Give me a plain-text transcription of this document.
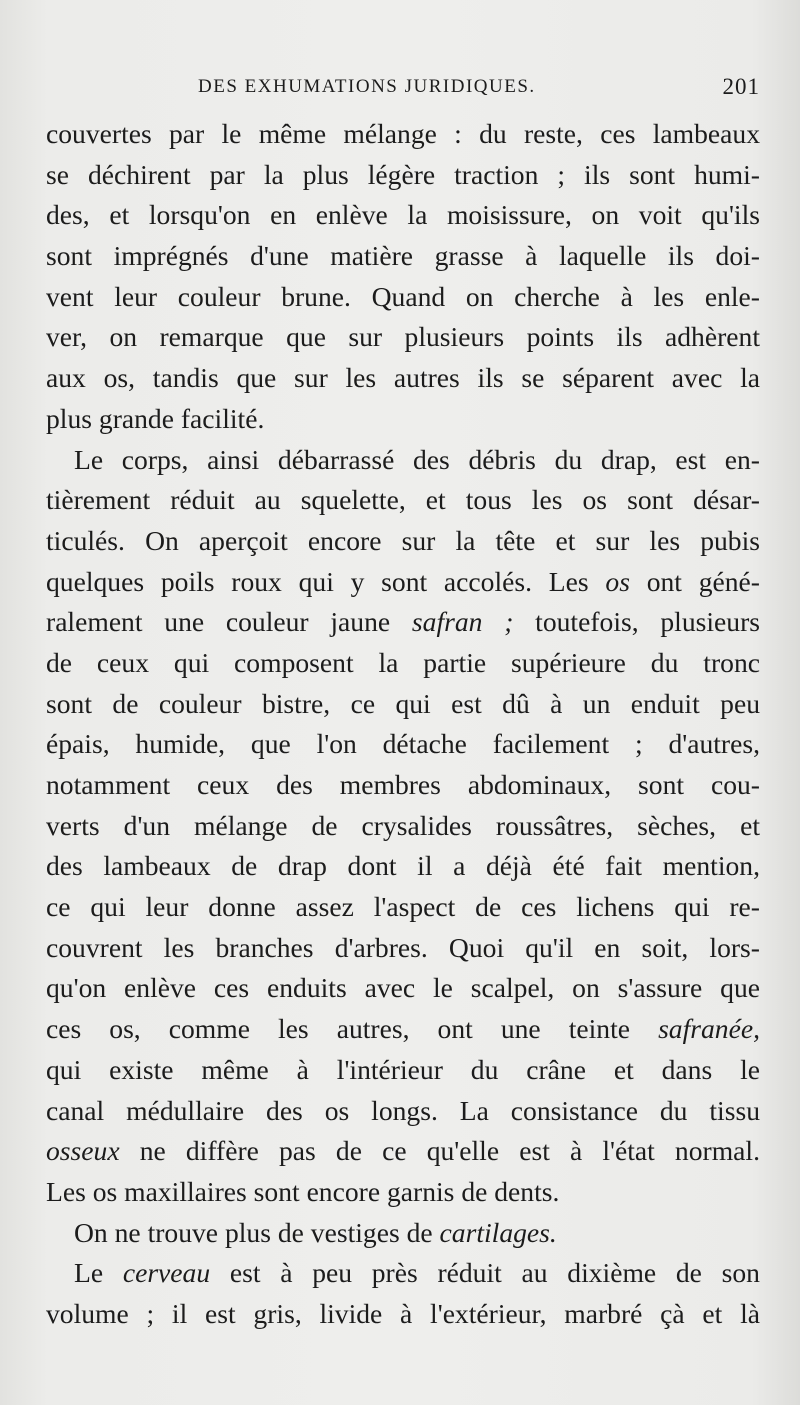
DES EXHUMATIONS JURIDIQUES.	201
couvertes par le même mélange : du reste, ces lambeaux
se déchirent par la plus légère traction ; ils sont humi-
des, et lorsqu'on en enlève la moisissure, on voit qu'ils
sont imprégnés d'une matière grasse à laquelle ils doi-
vent leur couleur brune. Quand on cherche à les enle-
ver, on remarque que sur plusieurs points ils adhèrent
aux os, tandis que sur les autres ils se séparent avec la
plus grande facilité.
Le corps, ainsi débarrassé des débris du drap, est en-
tièrement réduit au squelette, et tous les os sont désar-
ticulés. On aperçoit encore sur la tête et sur les pubis
quelques poils roux qui y sont accolés. Les os ont géné-
ralement une couleur jaune safran ; toutefois, plusieurs
de ceux qui composent la partie supérieure du tronc
sont de couleur bistre, ce qui est dû à un enduit peu
épais, humide, que l'on détache facilement ; d'autres,
notamment ceux des membres abdominaux, sont cou-
verts d'un mélange de crysalides roussâtres, sèches, et
des lambeaux de drap dont il a déjà été fait mention,
ce qui leur donne assez l'aspect de ces lichens qui re-
couvrent les branches d'arbres. Quoi qu'il en soit, lors-
qu'on enlève ces enduits avec le scalpel, on s'assure que
ces os, comme les autres, ont une teinte safranée,
qui existe même à l'intérieur du crâne et dans le
canal médullaire des os longs. La consistance du tissu
osseux ne diffère pas de ce qu'elle est à l'état normal.
Les os maxillaires sont encore garnis de dents.
On ne trouve plus de vestiges de cartilages.
Le cerveau est à peu près réduit au dixième de son
volume ; il est gris, livide à l'extérieur, marbré çà et là
